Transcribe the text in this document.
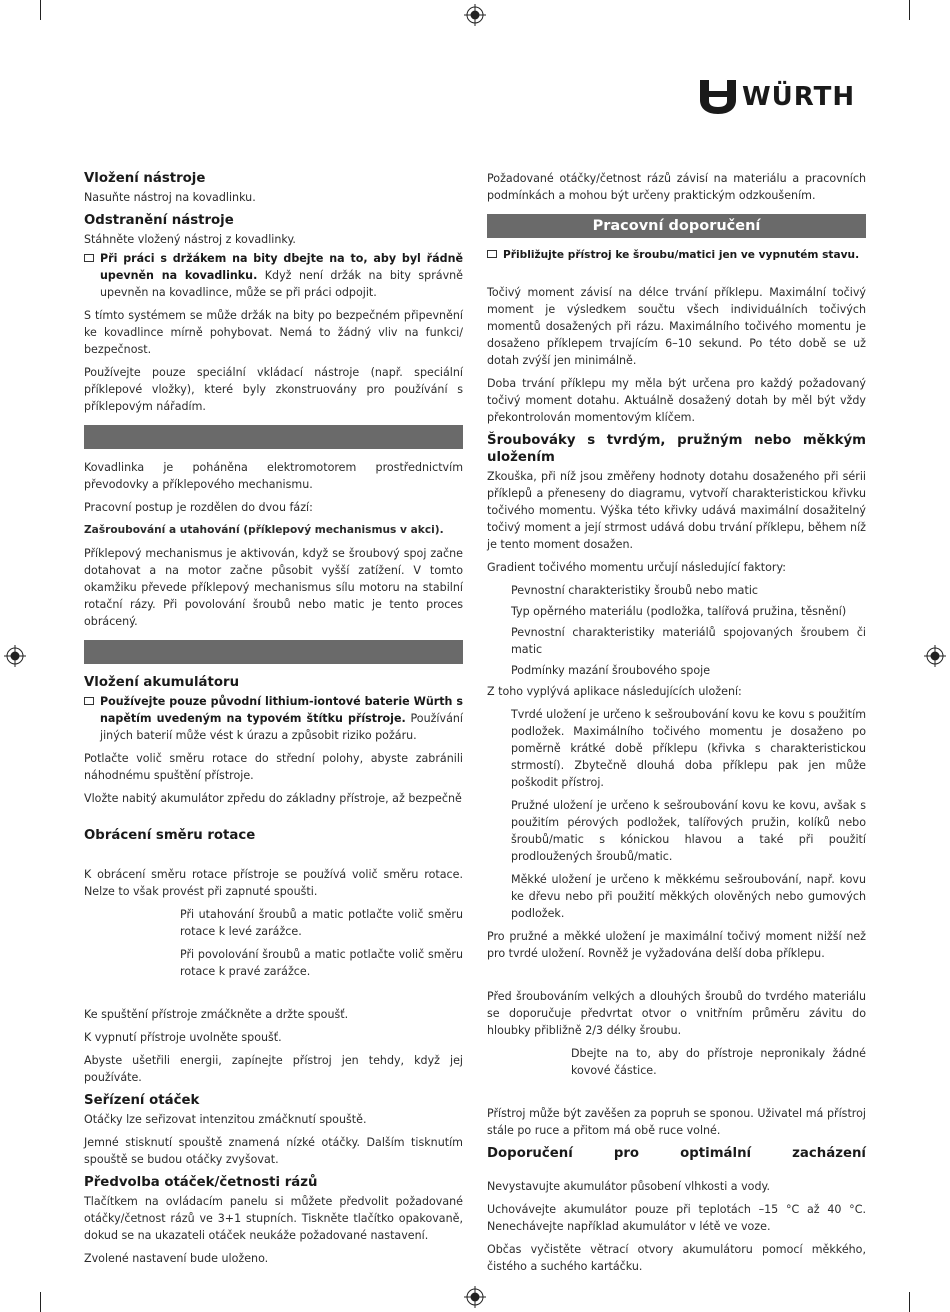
WÜRTH
Vložení nástroje

Nasuňte nástroj na kovadlinku.

Odstranění nástroje

Stáhněte vložený nástroj z kovadlinky.

Při práci s držákem na bity dbejte na to, aby byl řádně upevněn na kovadlinku. Když není držák na bity správně upevněn na kovadlince, může se při práci odpojit.

S tímto systémem se může držák na bity po bezpečném připevnění ke kovadlince mírně pohybovat. Nemá to žádný vliv na funkci/ bezpečnost.

Používejte pouze speciální vkládací nástroje (např. speciální příklepové vložky), které byly zkonstruovány pro používání s příklepovým nářadím.

Kovadlinka je poháněna elektromotorem prostřednictvím převodovky a příklepového mechanismu.

Pracovní postup je rozdělen do dvou fází:

Zašroubování a utahování (příklepový mechanismus v akci).

Příklepový mechanismus je aktivován, když se šroubový spoj začne dotahovat a na motor začne působit vyšší zatížení. V tomto okamžiku převede příklepový mechanismus sílu motoru na stabilní rotační rázy. Při povolování šroubů nebo matic je tento proces obrácený.

Vložení akumulátoru
Používejte pouze původní lithium-iontové baterie Würth s napětím uvedeným na typovém štítku přístroje. Používání jiných baterií může vést k úrazu a způsobit riziko požáru.

Potlačte volič směru rotace do střední polohy, abyste zabránili náhodnému spuštění přístroje.

Vložte nabitý akumulátor zpředu do základny přístroje, až bezpečně

Obrácení směru rotace

K obrácení směru rotace přístroje se používá volič směru rotace. Nelze to však provést při zapnuté spoušti.

Při utahování šroubů a matic potlačte volič směru rotace k levé zarážce.

Při povolování šroubů a matic potlačte volič směru rotace k pravé zarážce.

Ke spuštění přístroje zmáčkněte a držte spoušť.

K vypnutí přístroje uvolněte spoušť.

Abyste ušetřili energii, zapínejte přístroj jen tehdy, když jej používáte.

Seřízení otáček

Otáčky lze seřizovat intenzitou zmáčknutí spouště.

Jemné stisknutí spouště znamená nízké otáčky. Dalším tisknutím spouště se budou otáčky zvyšovat.

Předvolba otáček/četnosti rázů

Tlačítkem na ovládacím panelu si můžete předvolit požadované otáčky/četnost rázů ve 3+1 stupních. Tiskněte tlačítko opakovaně, dokud se na ukazateli otáček neukáže požadované nastavení.

Zvolené nastavení bude uloženo.

Požadované otáčky/četnost rázů závisí na materiálu a pracovních podmínkách a mohou být určeny praktickým odzkoušením.

Pracovní doporučení
Přibližujte přístroj ke šroubu/matici jen ve vypnutém stavu.

Točivý moment závisí na délce trvání příklepu. Maximální točivý moment je výsledkem součtu všech individuálních točivých momentů dosažených při rázu. Maximálního točivého momentu je dosaženo příklepem trvajícím 6–10 sekund. Po této době se už dotah zvýší jen minimálně.

Doba trvání příklepu my měla být určena pro každý požadovaný točivý moment dotahu. Aktuálně dosažený dotah by měl být vždy překontrolován momentovým klíčem.

Šroubováky s tvrdým, pružným nebo měkkým uložením

Zkouška, při níž jsou změřeny hodnoty dotahu dosaženého při sérii příklepů a přeneseny do diagramu, vytvoří charakteristickou křivku točivého momentu. Výška této křivky udává maximální dosažitelný točivý moment a její strmost udává dobu trvání příklepu, během níž je tento moment dosažen.

Gradient točivého momentu určují následující faktory:

Pevnostní charakteristiky šroubů nebo matic

Typ opěrného materiálu (podložka, talířová pružina, těsnění)

Pevnostní charakteristiky materiálů spojovaných šroubem či matic

Podmínky mazání šroubového spoje

Z toho vyplývá aplikace následujících uložení:

Tvrdé uložení je určeno k sešroubování kovu ke kovu s použitím podložek. Maximálního točivého momentu je dosaženo po poměrně krátké době příklepu (křivka s charakteristickou strmostí). Zbytečně dlouhá doba příklepu pak jen může poškodit přístroj.

Pružné uložení je určeno k sešroubování kovu ke kovu, avšak s použitím pérových podložek, talířových pružin, kolíků nebo šroubů/matic s kónickou hlavou a také při použití prodloužených šroubů/matic.

Měkké uložení je určeno k měkkému sešroubování, např. kovu ke dřevu nebo při použití měkkých olověných nebo gumových podložek.

Pro pružné a měkké uložení je maximální točivý moment nižší než pro tvrdé uložení. Rovněž je vyžadována delší doba příklepu.

Před šroubováním velkých a dlouhých šroubů do tvrdého materiálu se doporučuje předvrtat otvor o vnitřním průměru závitu do hloubky přibližně 2/3 délky šroubu.

Dbejte na to, aby do přístroje nepronikaly žádné kovové částice.

Přístroj může být zavěšen za popruh se sponou. Uživatel má přístroj stále po ruce a přitom má obě ruce volné.

Doporučení pro optimální zacházení

Nevystavujte akumulátor působení vlhkosti a vody.

Uchovávejte akumulátor pouze při teplotách –15 °C až 40 °C. Nenechávejte například akumulátor v létě ve voze.

Občas vyčistěte větrací otvory akumulátoru pomocí měkkého, čistého a suchého kartáčku.
